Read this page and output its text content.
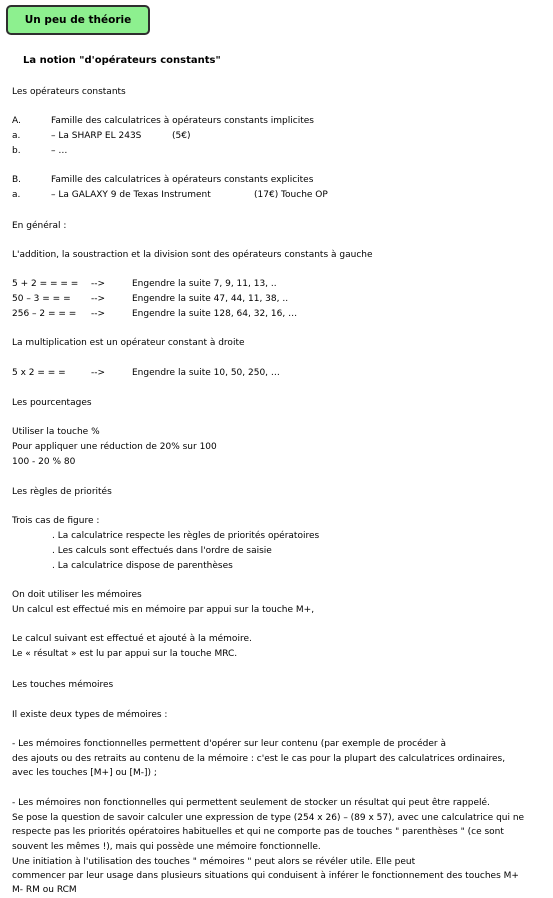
Un peu de théorie
La notion "d'opérateurs constants"
Les opérateurs constants
A.	Famille des calculatrices à opérateurs constants implicites
a.	– La SHARP EL 243S	(5€)
b.	– …
B.	Famille des calculatrices à opérateurs constants explicites
a.	– La GALAXY 9 de Texas Instrument	(17€) Touche OP
En général :
L'addition, la soustraction et la division sont des opérateurs constants à gauche
5 + 2 = = = = -->	Engendre la suite 7, 9, 11, 13, ..
50 – 3 = = = -->	Engendre la suite 47, 44, 11, 38, ..
256 – 2 = = = -->	Engendre la suite 128, 64, 32, 16, …
La multiplication est un opérateur constant à droite
5 x 2 = = =	-->	Engendre la suite 10, 50, 250, …
Les pourcentages
Utiliser la touche %
Pour appliquer une réduction de 20% sur 100
100 - 20 % 80
Les règles de priorités
Trois cas de figure :
. La calculatrice respecte les règles de priorités opératoires
. Les calculs sont effectués dans l'ordre de saisie
. La calculatrice dispose de parenthèses
On doit utiliser les mémoires
Un calcul est effectué mis en mémoire par appui sur la touche M+,
Le calcul suivant est effectué et ajouté à la mémoire.
Le « résultat » est lu par appui sur la touche MRC.
Les touches mémoires
Il existe deux types de mémoires :
- Les mémoires fonctionnelles permettent d'opérer sur leur contenu (par exemple de procéder à
des ajouts ou des retraits au contenu de la mémoire : c'est le cas pour la plupart des calculatrices ordinaires,
avec les touches [M+] ou [M-]) ;
- Les mémoires non fonctionnelles qui permettent seulement de stocker un résultat qui peut être rappelé.
Se pose la question de savoir calculer une expression de type (254 x 26) – (89 x 57), avec une calculatrice qui ne
respecte pas les priorités opératoires habituelles et qui ne comporte pas de touches " parenthèses " (ce sont
souvent les mêmes !), mais qui possède une mémoire fonctionnelle.
Une initiation à l'utilisation des touches " mémoires " peut alors se révéler utile. Elle peut
commencer par leur usage dans plusieurs situations qui conduisent à inférer le fonctionnement des touches M+
M- RM ou RCM
